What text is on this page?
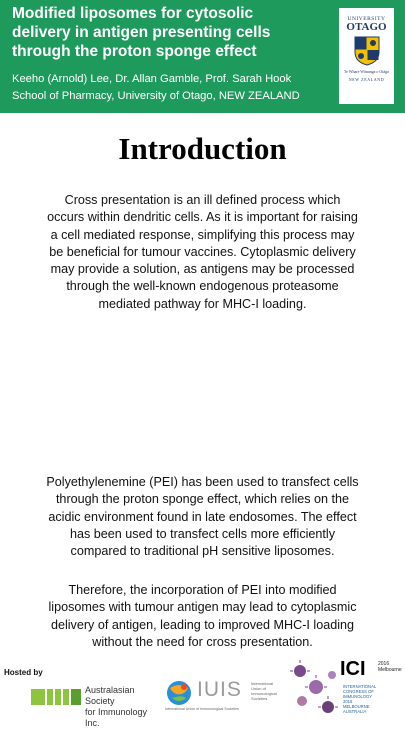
Modified liposomes for cytosolic
delivery in antigen presenting cells
through the proton sponge effect
Keeho (Arnold) Lee, Dr. Allan Gamble, Prof. Sarah Hook
School of Pharmacy, University of Otago, NEW ZEALAND
UNIVERSITY
OTAGO
Te Whare Wānanga o Otāgo
NEW ZEALAND
Introduction
Cross presentation is an ill defined process which
occurs within dendritic cells. As it is important for raising
a cell mediated response, simplifying this process may
be beneficial for tumour vaccines. Cytoplasmic delivery
may provide a solution, as antigens may be processed
through the well-known endogenous proteasome
mediated pathway for MHC-I loading.
Polyethylenemine (PEI) has been used to transfect cells
through the proton sponge effect, which relies on the
acidic environment found in late endosomes. The effect
has been used to transfect cells more efficiently
compared to traditional pH sensitive liposomes.
Therefore, the incorporation of PEI into modified
liposomes with tumour antigen may lead to cytoplasmic
delivery of antigen, leading to improved MHC-I loading
without the need for cross presentation.
Hosted by
Australasian Society
for Immunology Inc.
IUIS International
Union of
Immunological
Societies
International Union of Immunological Societies
ICI 2016
Melbourne
INTERNATIONAL
CONGRESS OF
IMMUNOLOGY
2016
MELBOURNE
AUSTRALIA
